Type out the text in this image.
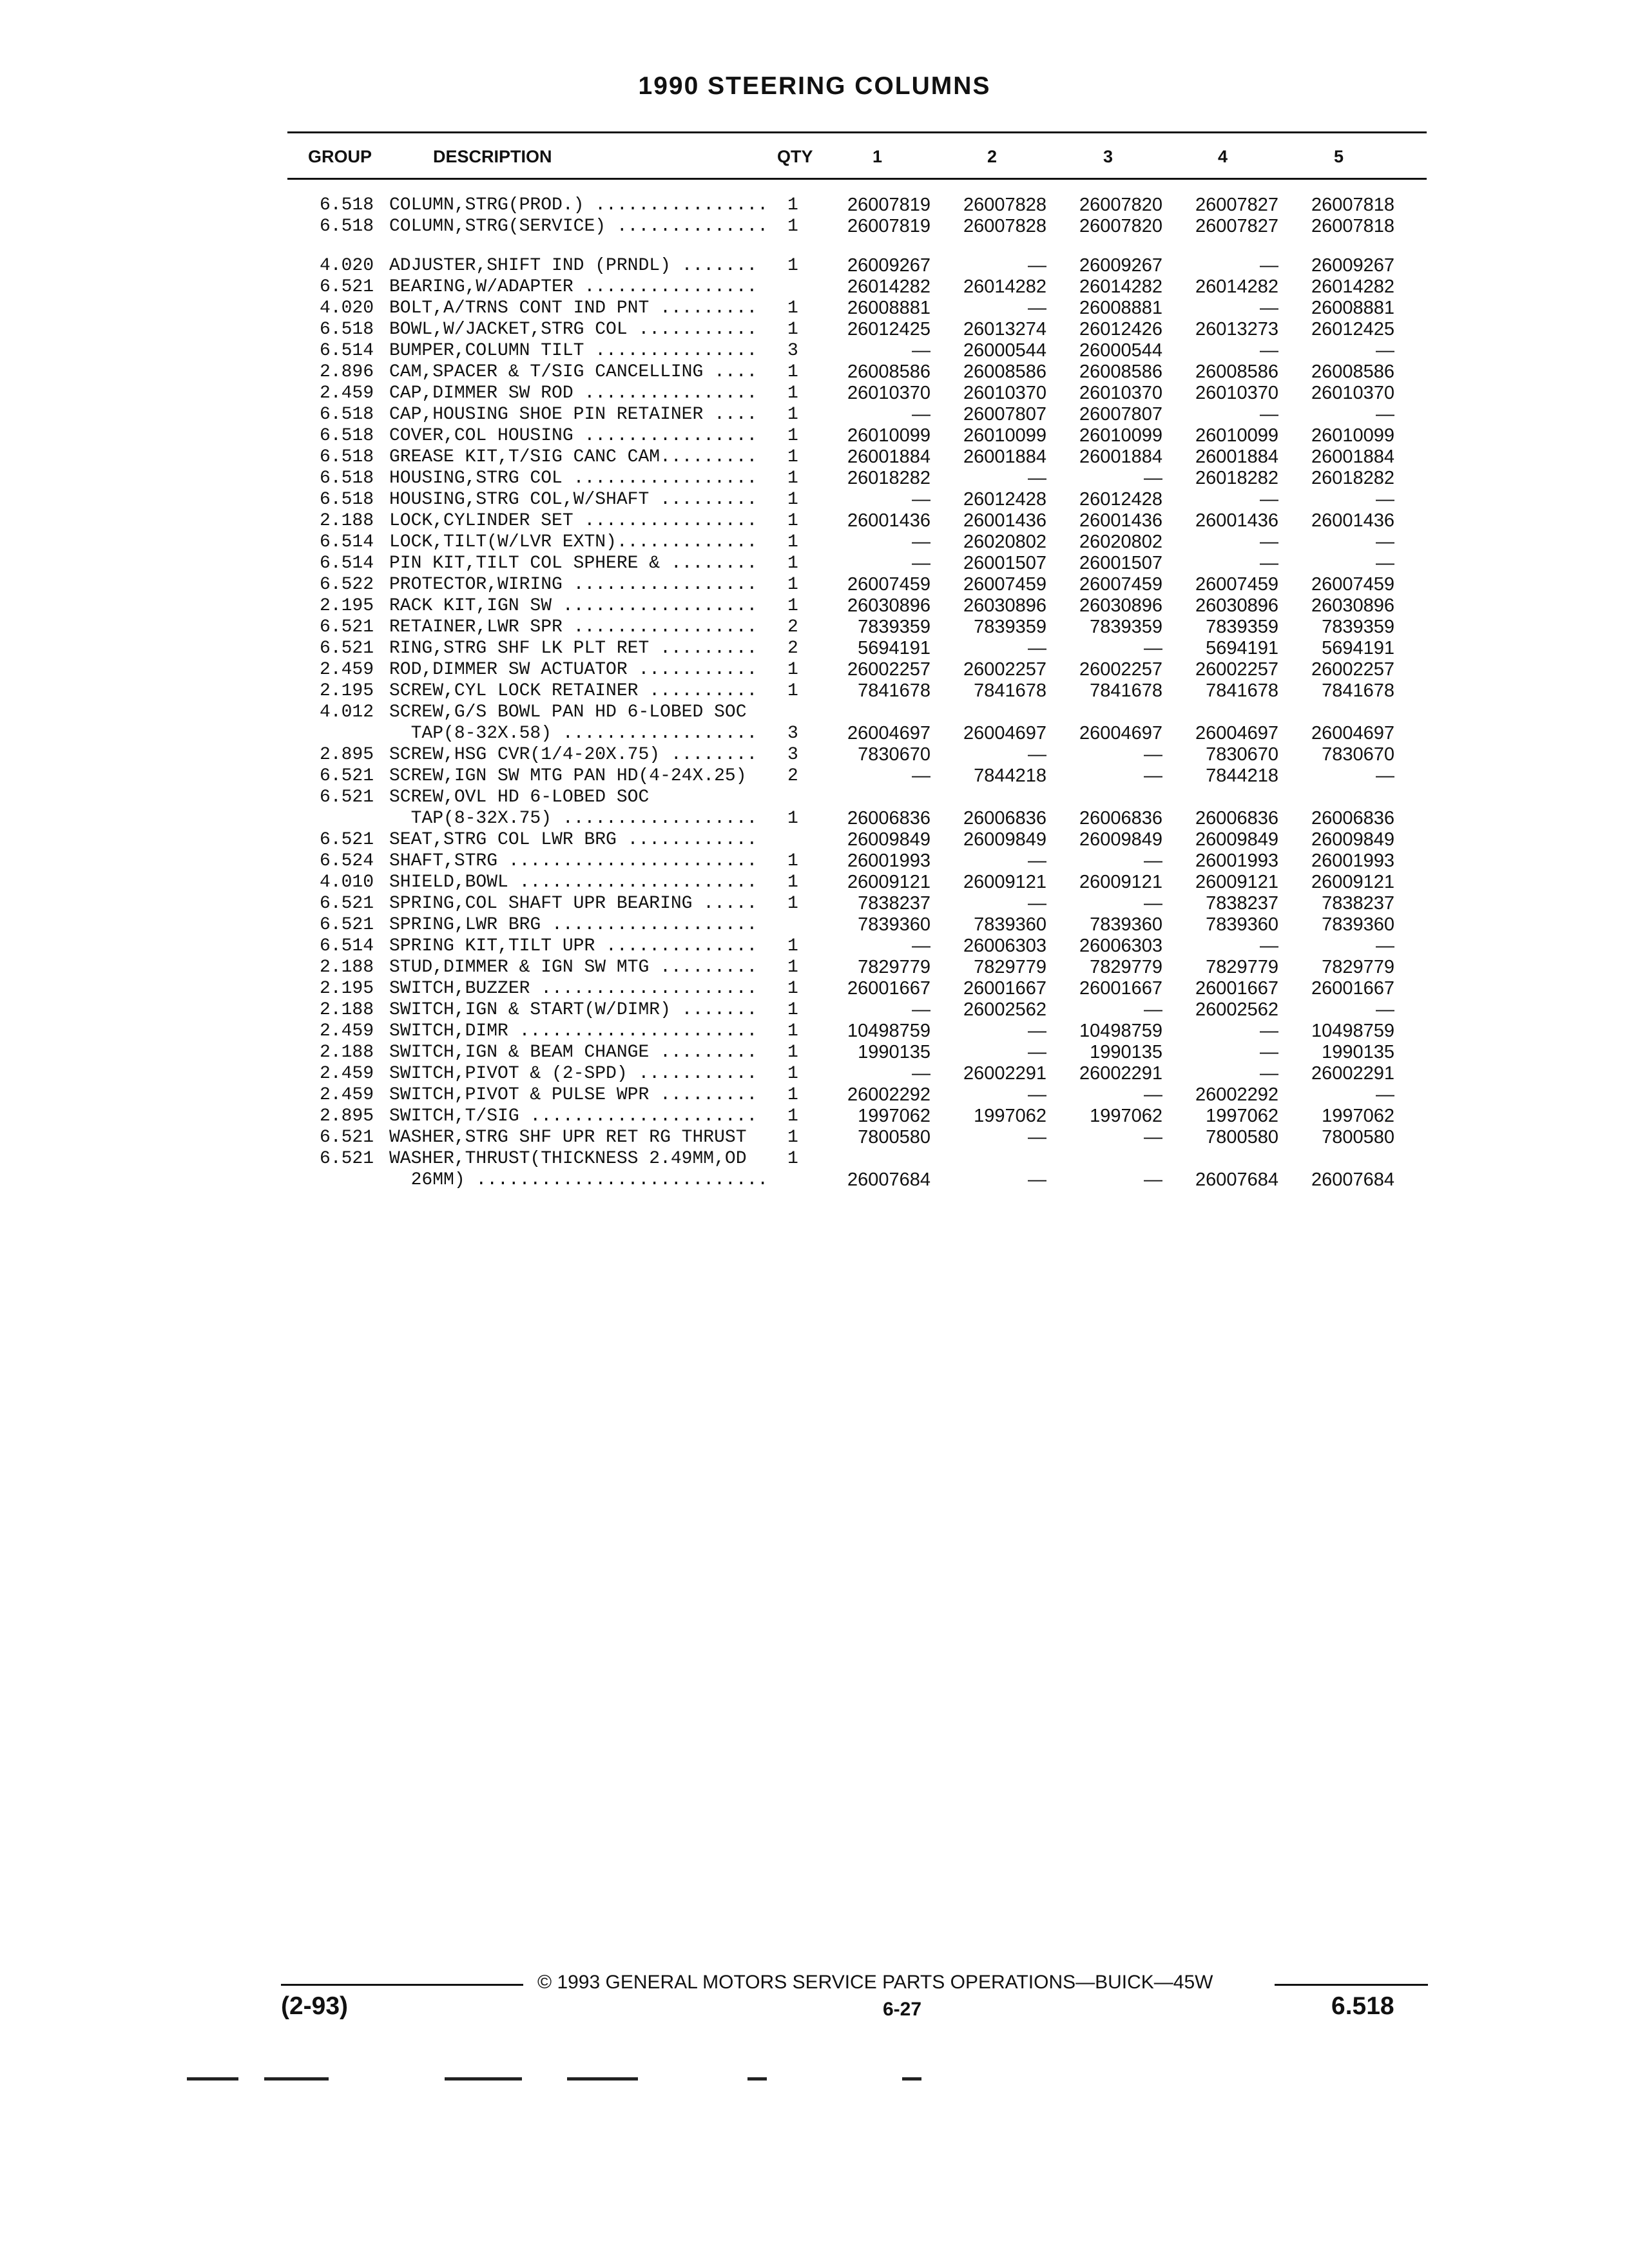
1990 STEERING COLUMNS
GROUP	DESCRIPTION	QTY	1	2	3	4	5
6.518 COLUMN,STRG(PROD.) ................	1	26007819	26007828	26007820	26007827	26007818
6.518 COLUMN,STRG(SERVICE) ..............	1	26007819	26007828	26007820	26007827	26007818
4.020 ADJUSTER,SHIFT IND (PRNDL) .......	1	26009267	—	26009267	—	26009267
6.521 BEARING,W/ADAPTER ................	26014282	26014282	26014282	26014282	26014282
4.020 BOLT,A/TRNS CONT IND PNT .........	1	26008881	—	26008881	—	26008881
6.518 BOWL,W/JACKET,STRG COL ...........	1	26012425	26013274	26012426	26013273	26012425
6.514 BUMPER,COLUMN TILT ...............	3	—	26000544	26000544	—	—
2.896 CAM,SPACER & T/SIG CANCELLING ....	1	26008586	26008586	26008586	26008586	26008586
2.459 CAP,DIMMER SW ROD ................	1	26010370	26010370	26010370	26010370	26010370
6.518 CAP,HOUSING SHOE PIN RETAINER ....	1	—	26007807	26007807	—	—
6.518 COVER,COL HOUSING ................	1	26010099	26010099	26010099	26010099	26010099
6.518 GREASE KIT,T/SIG CANC CAM.........	1	26001884	26001884	26001884	26001884	26001884
6.518 HOUSING,STRG COL .................	1	26018282	—	—	26018282	26018282
6.518 HOUSING,STRG COL,W/SHAFT .........	1	—	26012428	26012428	—	—
2.188 LOCK,CYLINDER SET ................	1	26001436	26001436	26001436	26001436	26001436
6.514 LOCK,TILT(W/LVR EXTN).............	1	—	26020802	26020802	—	—
6.514 PIN KIT,TILT COL SPHERE & ........	1	—	26001507	26001507	—	—
6.522 PROTECTOR,WIRING .................	1	26007459	26007459	26007459	26007459	26007459
2.195 RACK KIT,IGN SW ..................	1	26030896	26030896	26030896	26030896	26030896
6.521 RETAINER,LWR SPR .................	2	7839359	7839359	7839359	7839359	7839359
6.521 RING,STRG SHF LK PLT RET .........	2	5694191	—	—	5694191	5694191
2.459 ROD,DIMMER SW ACTUATOR ...........	1	26002257	26002257	26002257	26002257	26002257
2.195 SCREW,CYL LOCK RETAINER ..........	1	7841678	7841678	7841678	7841678	7841678
4.012 SCREW,G/S BOWL PAN HD 6-LOBED SOC
TAP(8-32X.58) ..................	3	26004697	26004697	26004697	26004697	26004697
2.895 SCREW,HSG CVR(1/4-20X.75) ........	3	7830670	—	—	7830670	7830670
6.521 SCREW,IGN SW MTG PAN HD(4-24X.25)	2	—	7844218	—	7844218	—
6.521 SCREW,OVL HD 6-LOBED SOC
TAP(8-32X.75) ..................	1	26006836	26006836	26006836	26006836	26006836
6.521 SEAT,STRG COL LWR BRG ............	26009849	26009849	26009849	26009849	26009849
6.524 SHAFT,STRG .......................	1	26001993	—	—	26001993	26001993
4.010 SHIELD,BOWL ......................	1	26009121	26009121	26009121	26009121	26009121
6.521 SPRING,COL SHAFT UPR BEARING .....	1	7838237	—	—	7838237	7838237
6.521 SPRING,LWR BRG ...................	7839360	7839360	7839360	7839360	7839360
6.514 SPRING KIT,TILT UPR ..............	1	—	26006303	26006303	—	—
2.188 STUD,DIMMER & IGN SW MTG .........	1	7829779	7829779	7829779	7829779	7829779
2.195 SWITCH,BUZZER ....................	1	26001667	26001667	26001667	26001667	26001667
2.188 SWITCH,IGN & START(W/DIMR) .......	1	—	26002562	—	26002562	—
2.459 SWITCH,DIMR ......................	1	10498759	—	10498759	—	10498759
2.188 SWITCH,IGN & BEAM CHANGE .........	1	1990135	—	1990135	—	1990135
2.459 SWITCH,PIVOT & (2-SPD) ...........	1	—	26002291	26002291	—	26002291
2.459 SWITCH,PIVOT & PULSE WPR .........	1	26002292	—	—	26002292	—
2.895 SWITCH,T/SIG .....................	1	1997062	1997062	1997062	1997062	1997062
6.521 WASHER,STRG SHF UPR RET RG THRUST	1	7800580	—	—	7800580	7800580
6.521 WASHER,THRUST(THICKNESS 2.49MM,OD	1
26MM) ...........................	26007684	—	—	26007684	26007684
© 1993 GENERAL MOTORS SERVICE PARTS OPERATIONS—BUICK—45W
(2-93)	6-27	6.518
